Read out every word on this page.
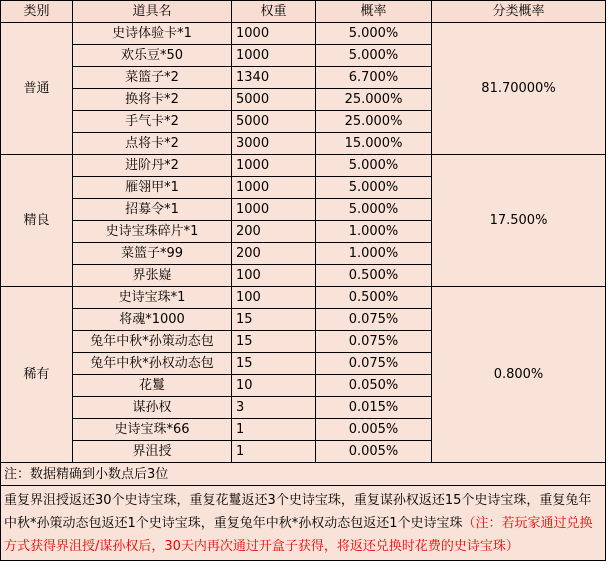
类别	道具名	权重	概率	分类概率
普通	史诗体验卡*1	1000	5.000%	81.70000%
	欢乐豆*50	1000	5.000%	
	菜篮子*2	1340	6.700%	
	换将卡*2	5000	25.000%	
	手气卡*2	5000	25.000%	
	点将卡*2	3000	15.000%	
精良	进阶丹*2	1000	5.000%	17.500%
	雁翎甲*1	1000	5.000%	
	招募令*1	1000	5.000%	
	史诗宝珠碎片*1	200	1.000%	
	菜篮子*99	200	1.000%	
	界张嶷	100	0.500%	
稀有	史诗宝珠*1	100	0.500%	0.800%
	将魂*1000	15	0.075%	
	兔年中秋*孙策动态包	15	0.075%	
	兔年中秋*孙权动态包	15	0.075%	
	花鬘	10	0.050%	
	谋孙权	3	0.015%	
	史诗宝珠*66	1	0.005%	
	界沮授	1	0.005%	
注：数据精确到小数点后3位				
重复界沮授返还30个史诗宝珠，重复花鬘返还3个史诗宝珠，重复谋孙权返还15个史诗宝珠，重复兔年中秋*孙策动态包返还1个史诗宝珠，重复兔年中秋*孙权动态包返还1个史诗宝珠（注：若玩家通过兑换方式获得界沮授/谋孙权后，30天内再次通过开盒子获得，将返还兑换时花费的史诗宝珠）				
